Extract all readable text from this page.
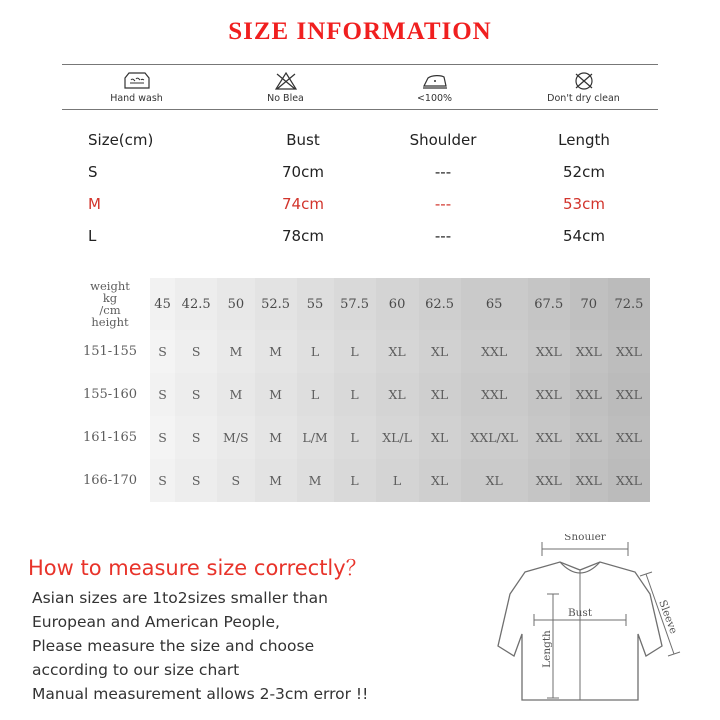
SIZE INFORMATION
Hand wash	No Blea	<100%	Don't dry clean
Size(cm)	Bust	Shoulder	Length
S	70cm	---	52cm
M	74cm	---	53cm
L	78cm	---	54cm
weight
kg
/cm
height	45	42.5	50	52.5	55	57.5	60	62.5	65	67.5	70	72.5
151-155	S	S	M	M	L	L	XL	XL	XXL	XXL	XXL	XXL
155-160	S	S	M	M	L	L	XL	XL	XXL	XXL	XXL	XXL
161-165	S	S	M/S	M	L/M	L	XL/L	XL	XXL/XL	XXL	XXL	XXL
166-170	S	S	S	M	M	L	L	XL	XL	XXL	XXL	XXL
How to measure size correctly？

Asian sizes are 1to2sizes smaller than

European and American People,

Please measure the size and choose

according to our size chart

Manual measurement allows 2-3cm error !!

Shouler
Bust
Length
Sleeve
